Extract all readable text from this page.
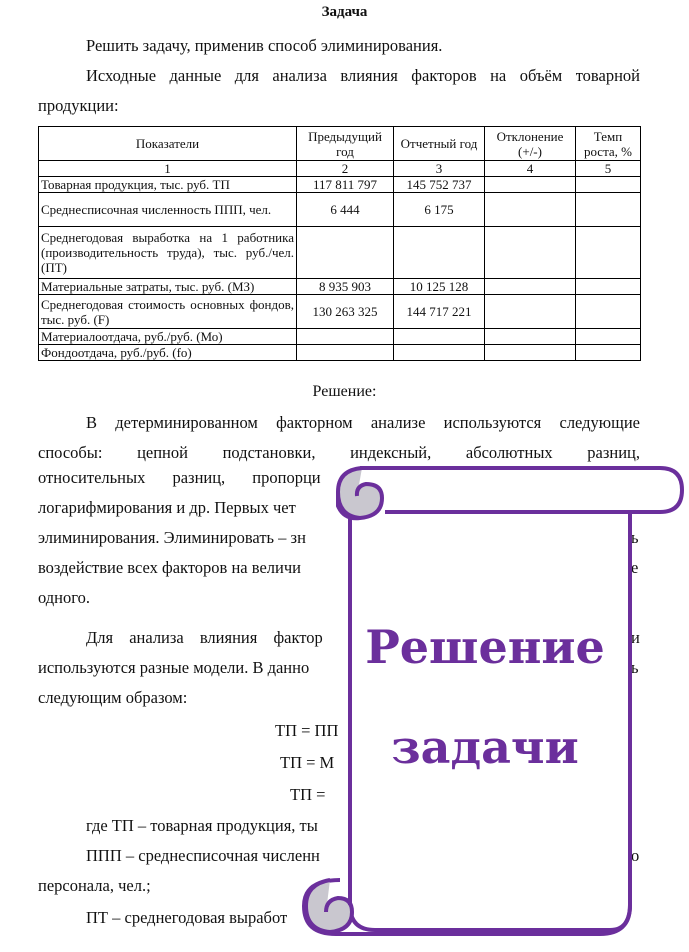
Задача

Решить задачу, применив способ элиминирования.

Исходные данные для анализа влияния факторов на объём товарной продукции:

Показатели	Предыдущий год	Отчетный год	Отклонение (+/-)	Темп роста, %
1	2	3	4	5
Товарная продукция, тыс. руб. ТП	117 811 797	145 752 737		
Среднесписочная численность ППП, чел.	6 444	6 175		
Среднегодовая выработка на 1 работника (производительность труда), тыс. руб./чел. (ПТ)				
Материальные затраты, тыс. руб. (МЗ)	8 935 903	10 125 128		
Среднегодовая стоимость основных фондов, тыс. руб. (F)	130 263 325	144 717 221		
Материалоотдача, руб./руб. (Мо)				
Фондоотдача, руб./руб. (fo)				
Решение:
В детерминированном факторном анализе используются следующие
способы: цепной подстановки, индексный, абсолютных разниц,
относительных разниц, пропорци
логарифмирования и др. Первых чет
элиминирования. Элиминировать – зн	ь
воздействие всех факторов на величи	е
одного.
Для анализа влияния фактор	и
используются разные модели. В данно	ь
следующим образом:
ТП = ПП
ТП = М
ТП =
где ТП – товарная продукция, ты
ППП – среднесписочная численн	о
персонала, чел.;
ПТ – среднегодовая выработ
Решение
задачи
